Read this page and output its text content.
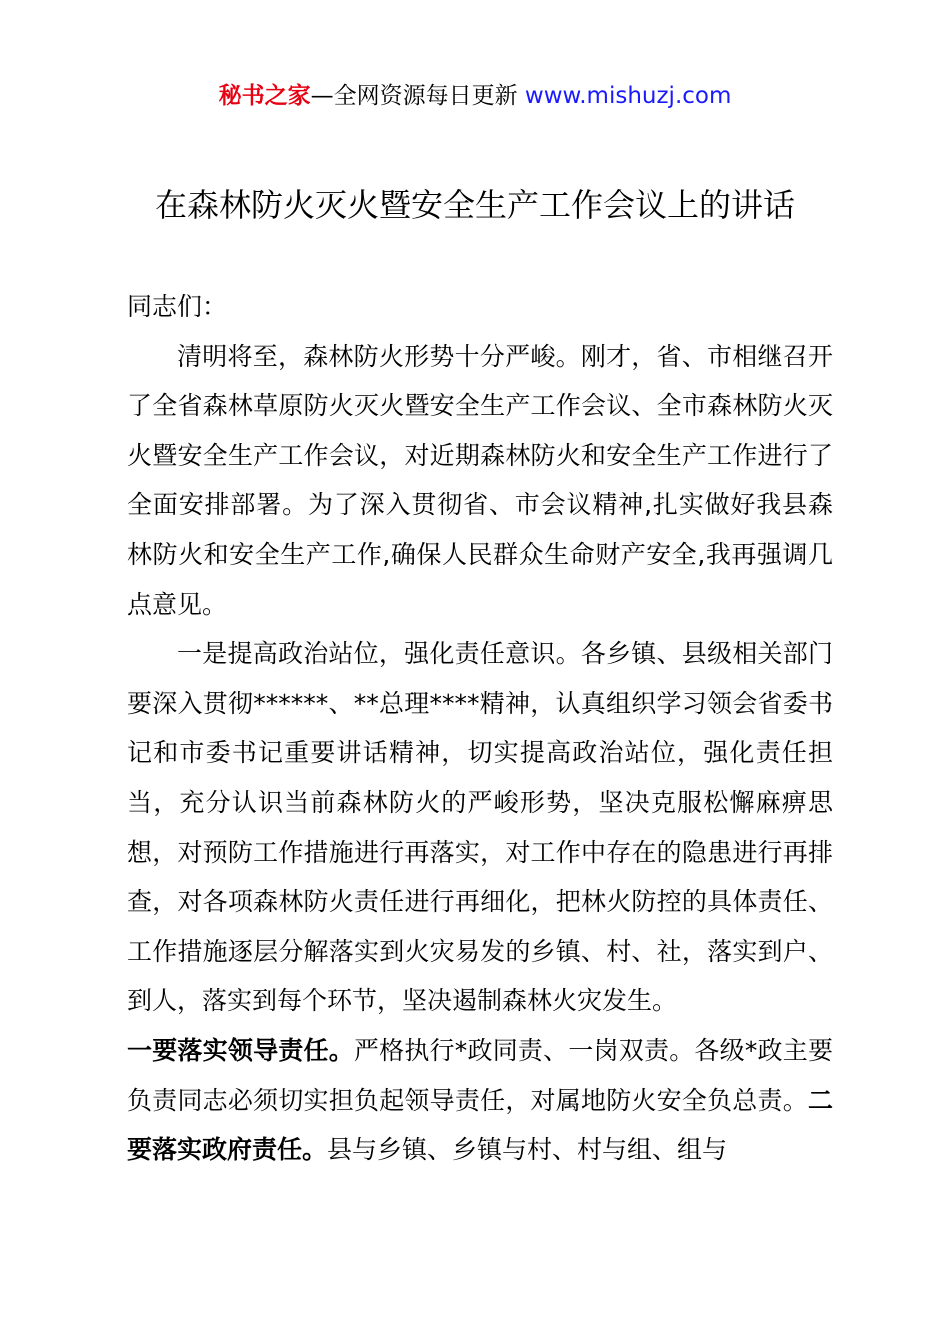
秘书之家—全网资源每日更新 www.mishuzj.com
在森林防火灭火暨安全生产工作会议上的讲话

同志们：

清明将至，森林防火形势十分严峻。刚才，省、市相继召开了全省森林草原防火灭火暨安全生产工作会议、全市森林防火灭火暨安全生产工作会议，对近期森林防火和安全生产工作进行了全面安排部署。为了深入贯彻省、市会议精神,扎实做好我县森林防火和安全生产工作,确保人民群众生命财产安全,我再强调几点意见。

一是提高政治站位，强化责任意识。各乡镇、县级相关部门要深入贯彻******、**总理****精神，认真组织学习领会省委书记和市委书记重要讲话精神，切实提高政治站位，强化责任担当，充分认识当前森林防火的严峻形势，坚决克服松懈麻痹思想，对预防工作措施进行再落实，对工作中存在的隐患进行再排查，对各项森林防火责任进行再细化，把林火防控的具体责任、工作措施逐层分解落实到火灾易发的乡镇、村、社，落实到户、到人，落实到每个环节，坚决遏制森林火灾发生。

一要落实领导责任。严格执行*政同责、一岗双责。各级*政主要负责同志必须切实担负起领导责任，对属地防火安全负总责。二要落实政府责任。县与乡镇、乡镇与村、村与组、组与
